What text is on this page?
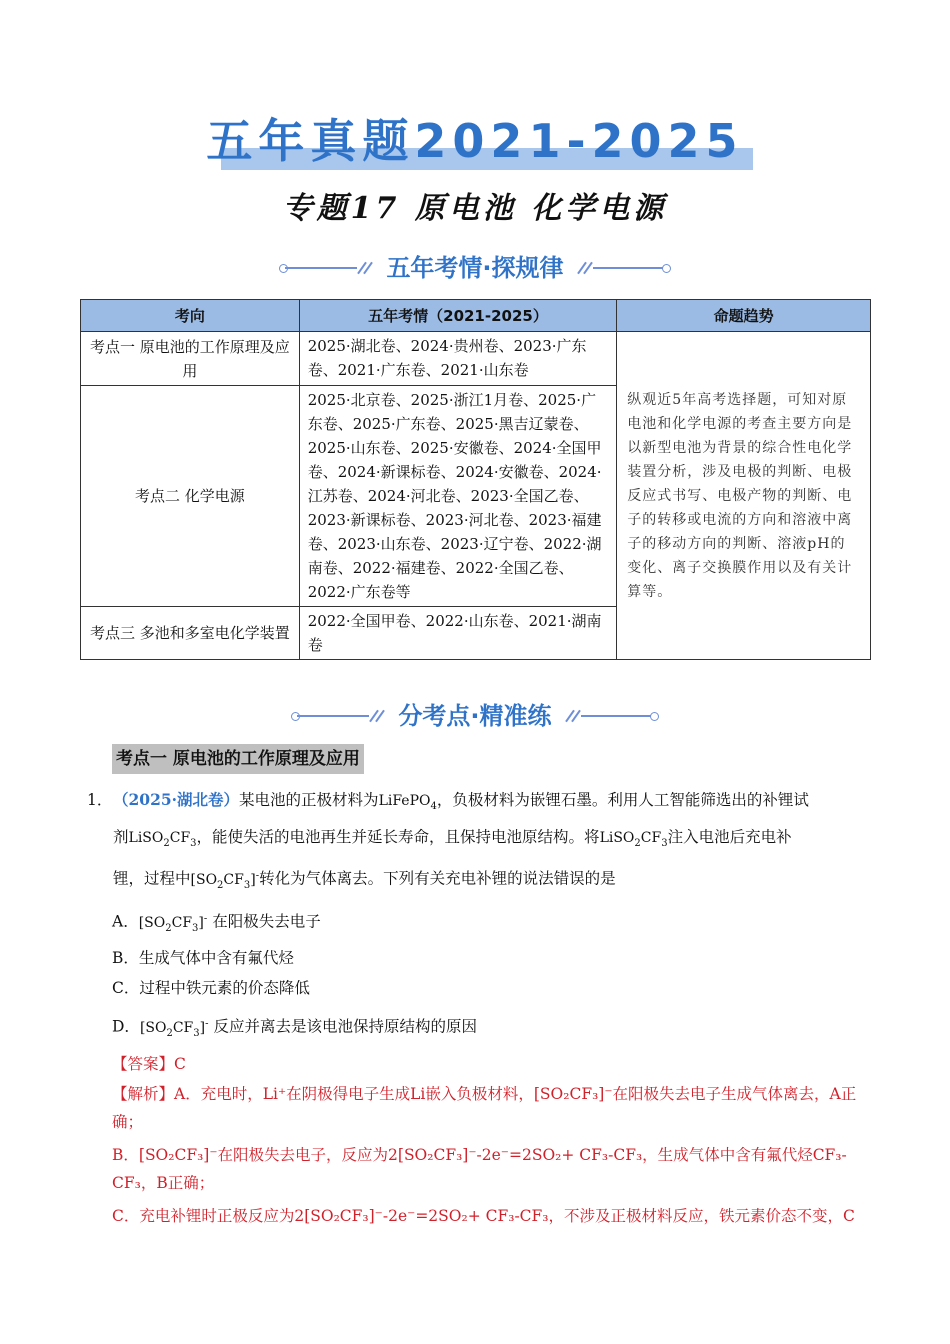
五年真题2021-2025
专题17 原电池 化学电源
五年考情·探规律
考向	五年考情（2021-2025）	命题趋势
考点一 原电池的工作原理及应用	2025·湖北卷、2024·贵州卷、2023·广东卷、2021·广东卷、2021·山东卷	纵观近5年高考选择题，可知对原电池和化学电源的考查主要方向是以新型电池为背景的综合性电化学装置分析，涉及电极的判断、电极反应式书写、电极产物的判断、电子的转移或电流的方向和溶液中离子的移动方向的判断、溶液pH的变化、离子交换膜作用以及有关计算等。
考点二 化学电源	2025·北京卷、2025·浙江1月卷、2025·广东卷、2025·广东卷、2025·黑吉辽蒙卷、2025·山东卷、2025·安徽卷、2024·全国甲卷、2024·新课标卷、2024·安徽卷、2024·江苏卷、2024·河北卷、2023·全国乙卷、2023·新课标卷、2023·河北卷、2023·福建卷、2023·山东卷、2023·辽宁卷、2022·湖南卷、2022·福建卷、2022·全国乙卷、2022·广东卷等	
考点三 多池和多室电化学装置	2022·全国甲卷、2022·山东卷、2021·湖南卷	
分考点·精准练
考点一 原电池的工作原理及应用
1． （2025·湖北卷）某电池的正极材料为LiFePO$_4$，负极材料为嵌锂石墨。利用人工智能筛选出的补锂试
剂$LiSO_2CF_3$，能使失活的电池再生并延长寿命，且保持电池原结构。将$LiSO_2CF_3$注入电池后充电补
锂，过程中$[SO_2CF_3]^-$转化为气体离去。下列有关充电补锂的说法错误的是
A．$[SO_2CF_3]^-$ 在阳极失去电子
B．生成气体中含有氟代烃
C．过程中铁元素的价态降低
D．$[SO_2CF_3]^-$ 反应并离去是该电池保持原结构的原因
【答案】C
【解析】A．充电时，Li⁺在阴极得电子生成Li嵌入负极材料，[SO₂CF₃]⁻在阳极失去电子生成气体离去，A正确；
B．[SO₂CF₃]⁻在阳极失去电子，反应为2[SO₂CF₃]⁻-2e⁻=2SO₂+ CF₃-CF₃，生成气体中含有氟代烃CF₃-CF₃，B正确；
C．充电补锂时正极反应为2[SO₂CF₃]⁻-2e⁻=2SO₂+ CF₃-CF₃，不涉及正极材料反应，铁元素价态不变，C
